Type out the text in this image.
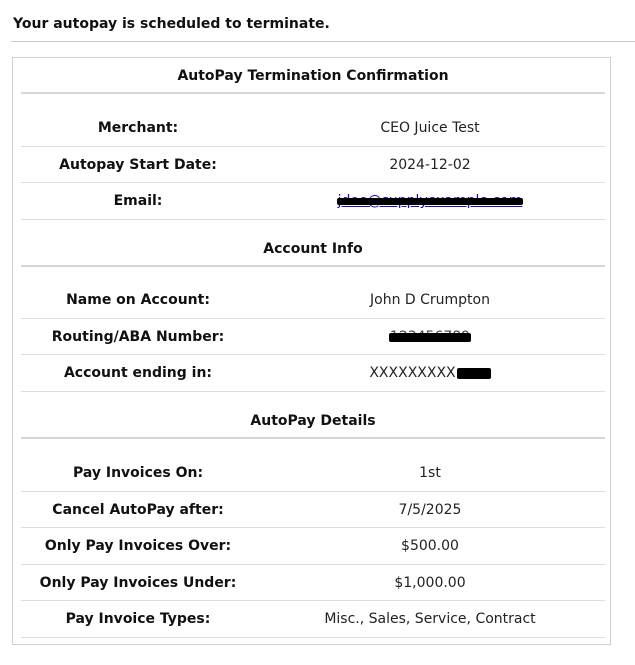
Your autopay is scheduled to terminate.
AutoPay Termination Confirmation
Merchant:	CEO Juice Test
Autopay Start Date:	2024-12-02
Email:
Account Info
Name on Account:	John D Crumpton
Routing/ABA Number:
Account ending in:	XXXXXXXXX
AutoPay Details
Pay Invoices On:	1st
Cancel AutoPay after:	7/5/2025
Only Pay Invoices Over:	$500.00
Only Pay Invoices Under:	$1,000.00
Pay Invoice Types:	Misc., Sales, Service, Contract
